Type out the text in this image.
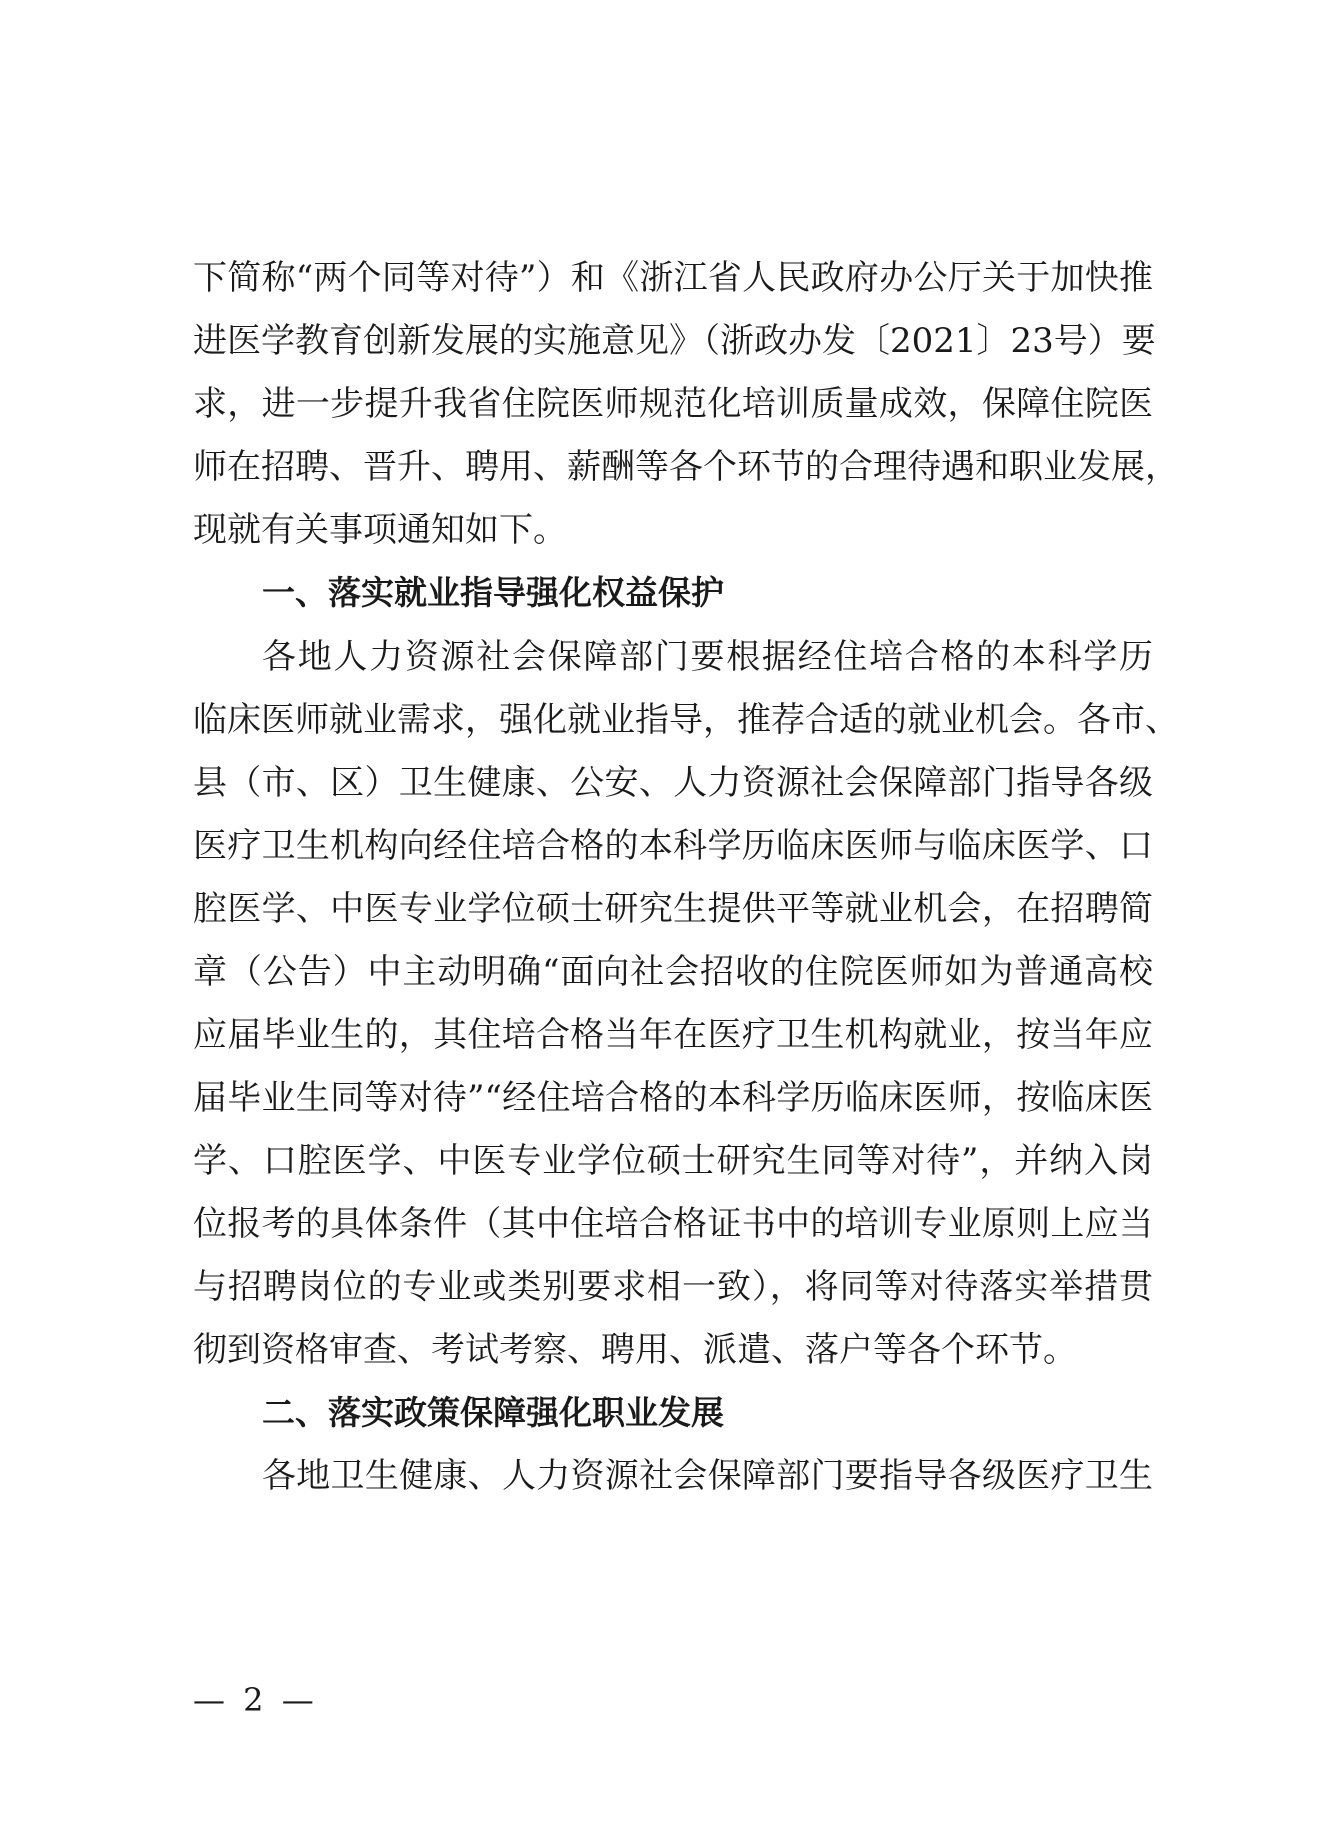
下简称“两个同等对待”）和《浙江省人民政府办公厅关于加快推
进医学教育创新发展的实施意见》（浙政办发〔2021〕23号）要
求，进一步提升我省住院医师规范化培训质量成效，保障住院医
师在招聘、晋升、聘用、薪酬等各个环节的合理待遇和职业发展，
现就有关事项通知如下。
一、落实就业指导强化权益保护
各地人力资源社会保障部门要根据经住培合格的本科学历
临床医师就业需求，强化就业指导，推荐合适的就业机会。各市、
县（市、区）卫生健康、公安、人力资源社会保障部门指导各级
医疗卫生机构向经住培合格的本科学历临床医师与临床医学、口
腔医学、中医专业学位硕士研究生提供平等就业机会，在招聘简
章（公告）中主动明确“面向社会招收的住院医师如为普通高校
应届毕业生的，其住培合格当年在医疗卫生机构就业，按当年应
届毕业生同等对待”“经住培合格的本科学历临床医师，按临床医
学、口腔医学、中医专业学位硕士研究生同等对待”，并纳入岗
位报考的具体条件（其中住培合格证书中的培训专业原则上应当
与招聘岗位的专业或类别要求相一致），将同等对待落实举措贯
彻到资格审查、考试考察、聘用、派遣、落户等各个环节。
二、落实政策保障强化职业发展
各地卫生健康、人力资源社会保障部门要指导各级医疗卫生
— 2 —
